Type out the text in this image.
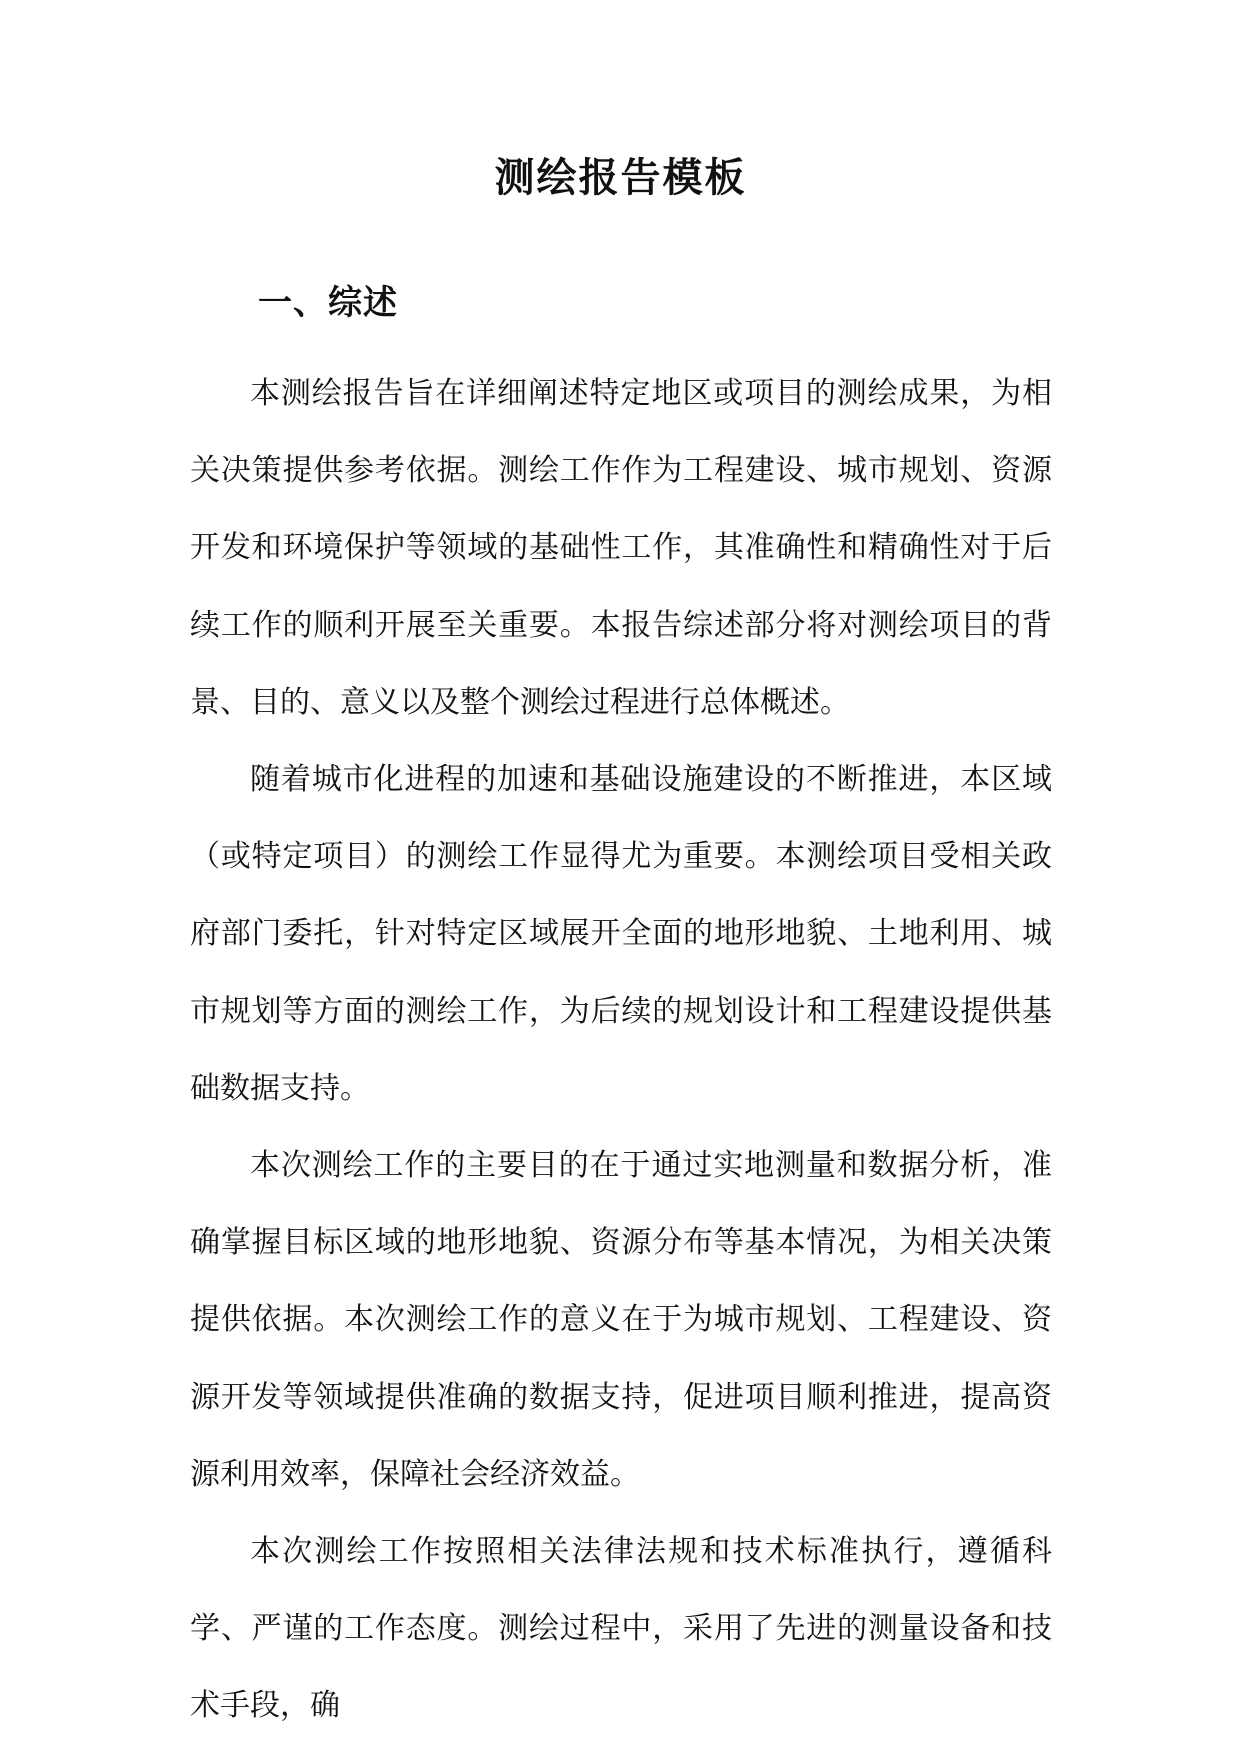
测绘报告模板
一、综述

本测绘报告旨在详细阐述特定地区或项目的测绘成果，为相关决策提供参考依据。测绘工作作为工程建设、城市规划、资源开发和环境保护等领域的基础性工作，其准确性和精确性对于后续工作的顺利开展至关重要。本报告综述部分将对测绘项目的背景、目的、意义以及整个测绘过程进行总体概述。

随着城市化进程的加速和基础设施建设的不断推进，本区域（或特定项目）的测绘工作显得尤为重要。本测绘项目受相关政府部门委托，针对特定区域展开全面的地形地貌、土地利用、城市规划等方面的测绘工作，为后续的规划设计和工程建设提供基础数据支持。

本次测绘工作的主要目的在于通过实地测量和数据分析，准确掌握目标区域的地形地貌、资源分布等基本情况，为相关决策提供依据。本次测绘工作的意义在于为城市规划、工程建设、资源开发等领域提供准确的数据支持，促进项目顺利推进，提高资源利用效率，保障社会经济效益。

本次测绘工作按照相关法律法规和技术标准执行，遵循科学、严谨的工作态度。测绘过程中，采用了先进的测量设备和技术手段，确
